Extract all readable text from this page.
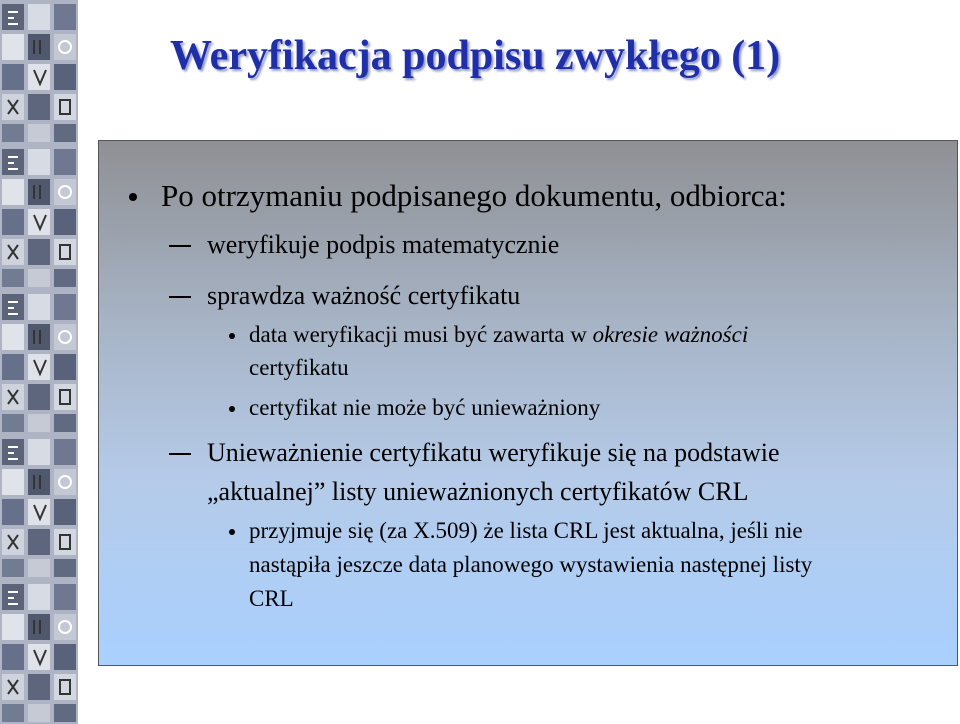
Weryfikacja podpisu zwykłego (1)
Po otrzymaniu podpisanego dokumentu, odbiorca:
weryfikuje podpis matematycznie
sprawdza ważność certyfikatu
data weryfikacji musi być zawarta w okresie ważności
certyfikatu
certyfikat nie może być unieważniony
Unieważnienie certyfikatu weryfikuje się na podstawie
„aktualnej” listy unieważnionych certyfikatów CRL
przyjmuje się (za X.509) że lista CRL jest aktualna, jeśli nie
nastąpiła jeszcze data planowego wystawienia następnej listy
CRL
